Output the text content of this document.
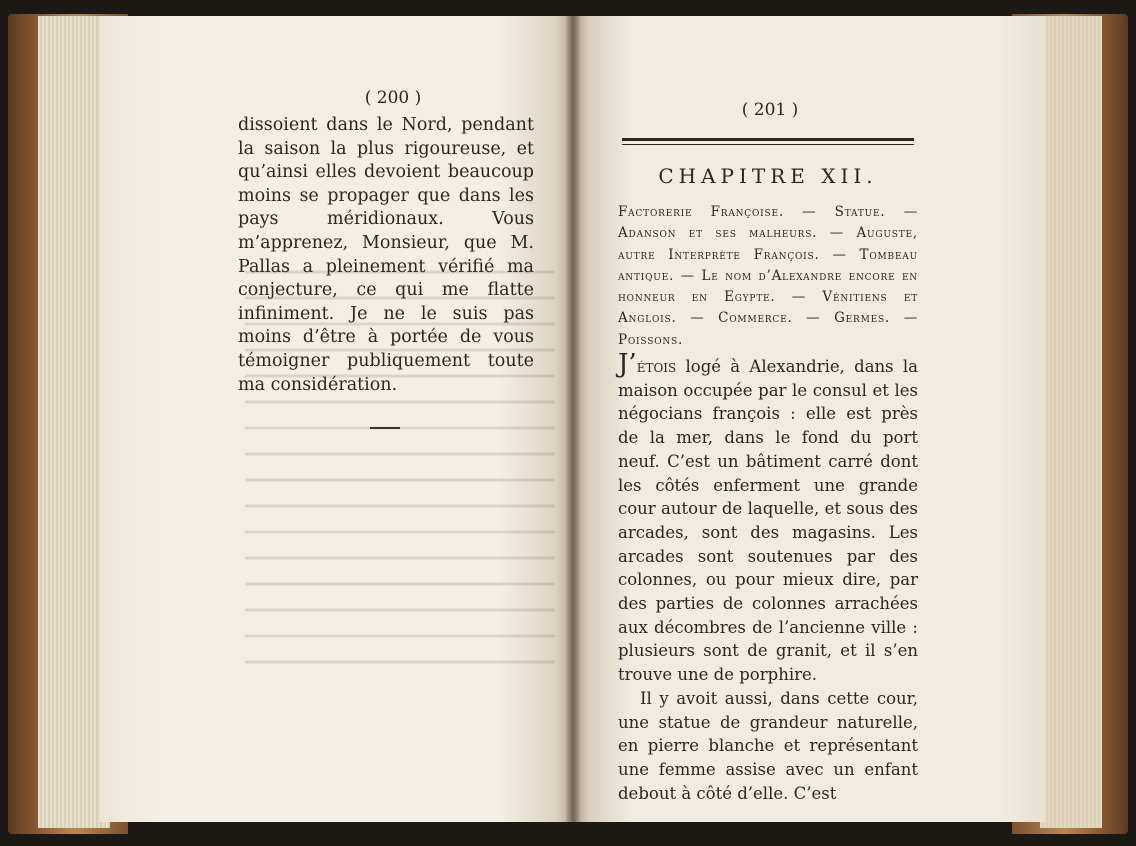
( 200 )
dissoient dans le Nord, pendant la saison la plus rigoureuse, et qu’ainsi elles devoient beaucoup moins se propager que dans les pays méridionaux. Vous m’apprenez, Monsieur, que M. Pallas a pleinement vérifié ma conjecture, ce qui me flatte infiniment. Je ne le suis pas moins d’être à portée de vous témoigner publiquement toute ma considération.
( 201 )
CHAPITRE XII.
Factorerie Françoise. — Statue. — Adanson et ses malheurs. — Auguste, autre Interprète François. — Tombeau antique. — Le nom d’Alexandre encore en honneur en Egypte. — Vénitiens et Anglois. — Commerce. — Germes. — Poissons.
J’étois logé à Alexandrie, dans la maison occupée par le consul et les négocians françois : elle est près de la mer, dans le fond du port neuf. C’est un bâtiment carré dont les côtés enferment une grande cour autour de laquelle, et sous des arcades, sont des magasins. Les arcades sont soutenues par des colonnes, ou pour mieux dire, par des parties de colonnes arrachées aux décombres de l’ancienne ville : plusieurs sont de granit, et il s’en trouve une de porphire.
Il y avoit aussi, dans cette cour, une statue de grandeur naturelle, en pierre blanche et représentant une femme assise avec un enfant debout à côté d’elle. C’est
